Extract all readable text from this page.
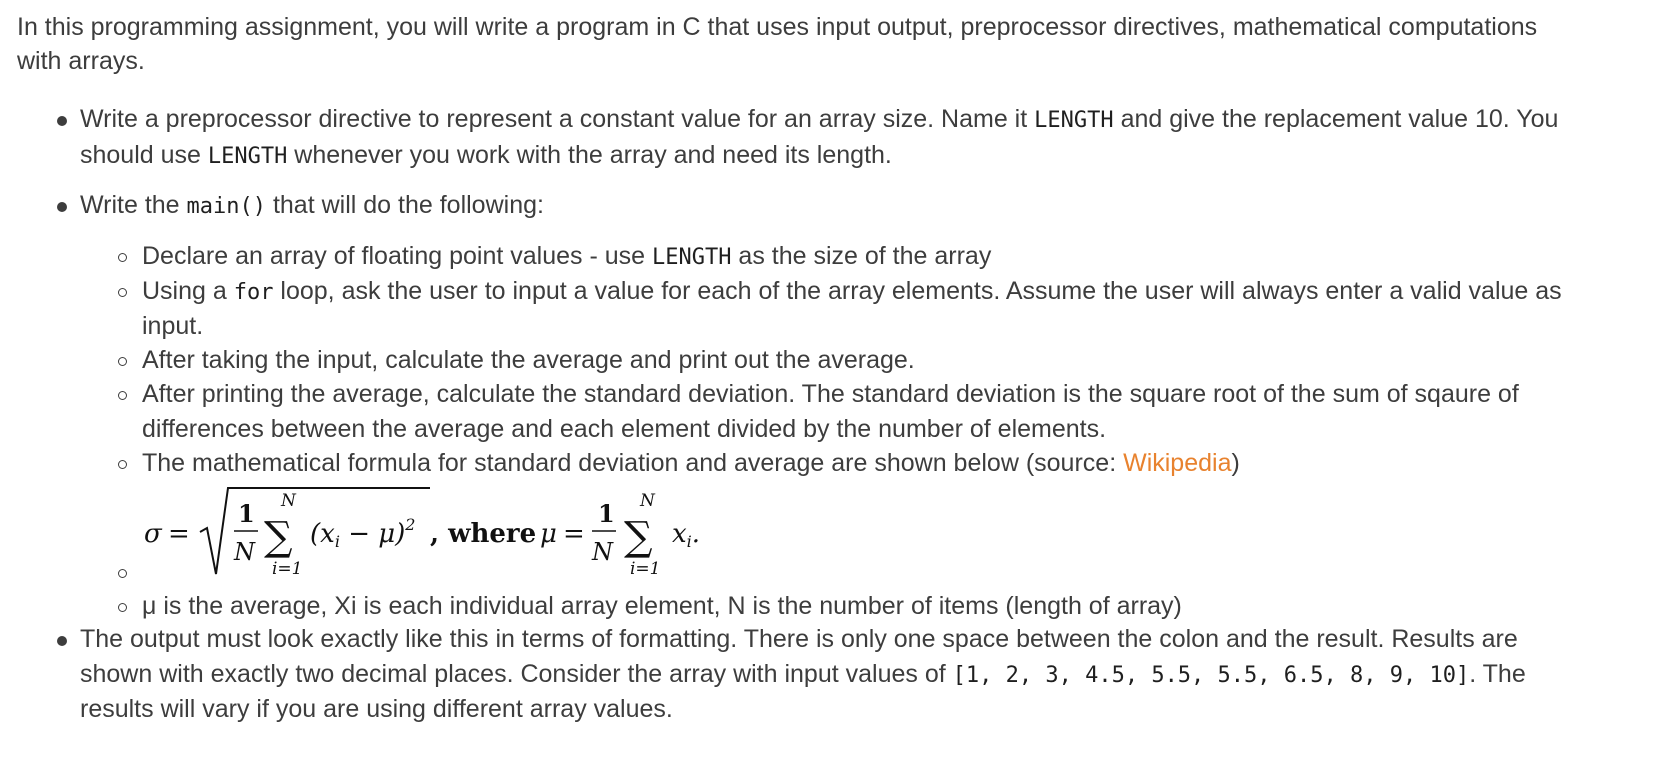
In this programming assignment, you will write a program in C that uses input output, preprocessor directives, mathematical computations
with arrays.
Write a preprocessor directive to represent a constant value for an array size. Name it LENGTH and give the replacement value 10. You
should use LENGTH whenever you work with the array and need its length.
Write the main() that will do the following:
Declare an array of floating point values - use LENGTH as the size of the array
Using a for loop, ask the user to input a value for each of the array elements. Assume the user will always enter a valid value as
input.
After taking the input, calculate the average and print out the average.
After printing the average, calculate the standard deviation. The standard deviation is the square root of the sum of sqaure of
differences between the average and each element divided by the number of elements.
The mathematical formula for standard deviation and average are shown below (source: Wikipedia)
σ =
1
N
N
∑
i=1
(xi − μ)$^2$ , where μ =
1
N
N
∑
i=1
xi.
μ is the average, Xi is each individual array element, N is the number of items (length of array)
The output must look exactly like this in terms of formatting. There is only one space between the colon and the result. Results are
shown with exactly two decimal places. Consider the array with input values of [1, 2, 3, 4.5, 5.5, 5.5, 6.5, 8, 9, 10]. The
results will vary if you are using different array values.
